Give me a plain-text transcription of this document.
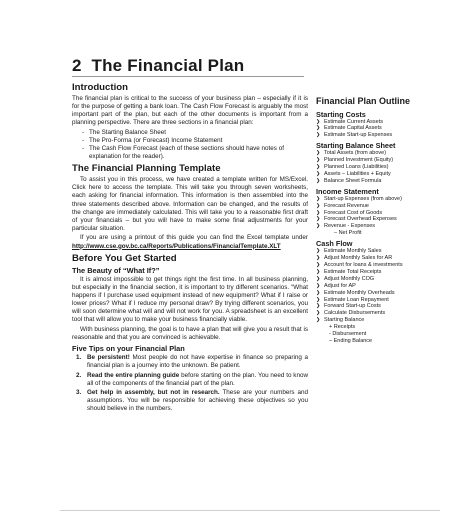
2 The Financial Plan
Introduction

The financial plan is critical to the success of your business plan – especially if it is for the purpose of getting a bank loan. The Cash Flow Forecast is arguably the most important part of the plan, but each of the other documents is important from a planning perspective. There are three sections in a financial plan:

- The Starting Balance Sheet
- The Pro-Forma (or Forecast) Income Statement
- The Cash Flow Forecast (each of these sections should have notes of explanation for the reader).
The Financial Planning Template

To assist you in this process, we have created a template written for MS/Excel. Click here to access the template. This will take you through seven worksheets, each asking for financial information. This information is then assembled into the three statements described above. Information can be changed, and the results of the change are immediately calculated. This will take you to a reasonable first draft of your financials – but you will have to make some final adjustments for your particular situation.

If you are using a printout of this guide you can find the Excel template under http://www.cse.gov.bc.ca/Reports/Publications/FinancialTemplate.XLT

Before You Get Started
The Beauty of “What If?”

It is almost impossible to get things right the first time. In all business planning, but especially in the financial section, it is important to try different scenarios. “What happens if I purchase used equipment instead of new equipment? What if I raise or lower prices? What if I reduce my personal draw? By trying different scenarios, you will soon determine what will and will not work for you. A spreadsheet is an excellent tool that will allow you to make your business financially viable.

With business planning, the goal is to have a plan that will give you a result that is reasonable and that you are convinced is achievable.

Five Tips on your Financial Plan
1. Be persistent! Most people do not have expertise in finance so preparing a financial plan is a journey into the unknown. Be patient.
2. Read the entire planning guide before starting on the plan. You need to know all of the components of the financial part of the plan.
3. Get help in assembly, but not in research. These are your numbers and assumptions. You will be responsible for achieving these objectives so you should believe in the numbers.
Financial Plan Outline
Starting Costs
❯ Estimate Current Assets
❯ Estimate Capital Assets
❯ Estimate Start-up Expenses
Starting Balance Sheet
❯ Total Assets (from above)
❯ Planned Investment (Equity)
❯ Planned Loans (Liabilities)
❯ Assets – Liabilities + Equity
❯ Balance Sheet Formula
Income Statement
❯ Start-up Expenses (from above)
❯ Forecast Revenue
❯ Forecast Cost of Goods
❯ Forecast Overhead Expenses
❯ Revenue - Expenses
– Net Profit
Cash Flow
❯ Estimate Monthly Sales
❯ Adjust Monthly Sales for AR
❯ Account for loans & investments
❯ Estimate Total Receipts
❯ Adjust Monthly COG
❯ Adjust for AP
❯ Estimate Monthly Overheads
❯ Estimate Loan Repayment
❯ Forward Start-up Costs
❯ Calculate Disbursements
❯ Starting Balance
+ Receipts
- Disbursement
– Ending Balance
